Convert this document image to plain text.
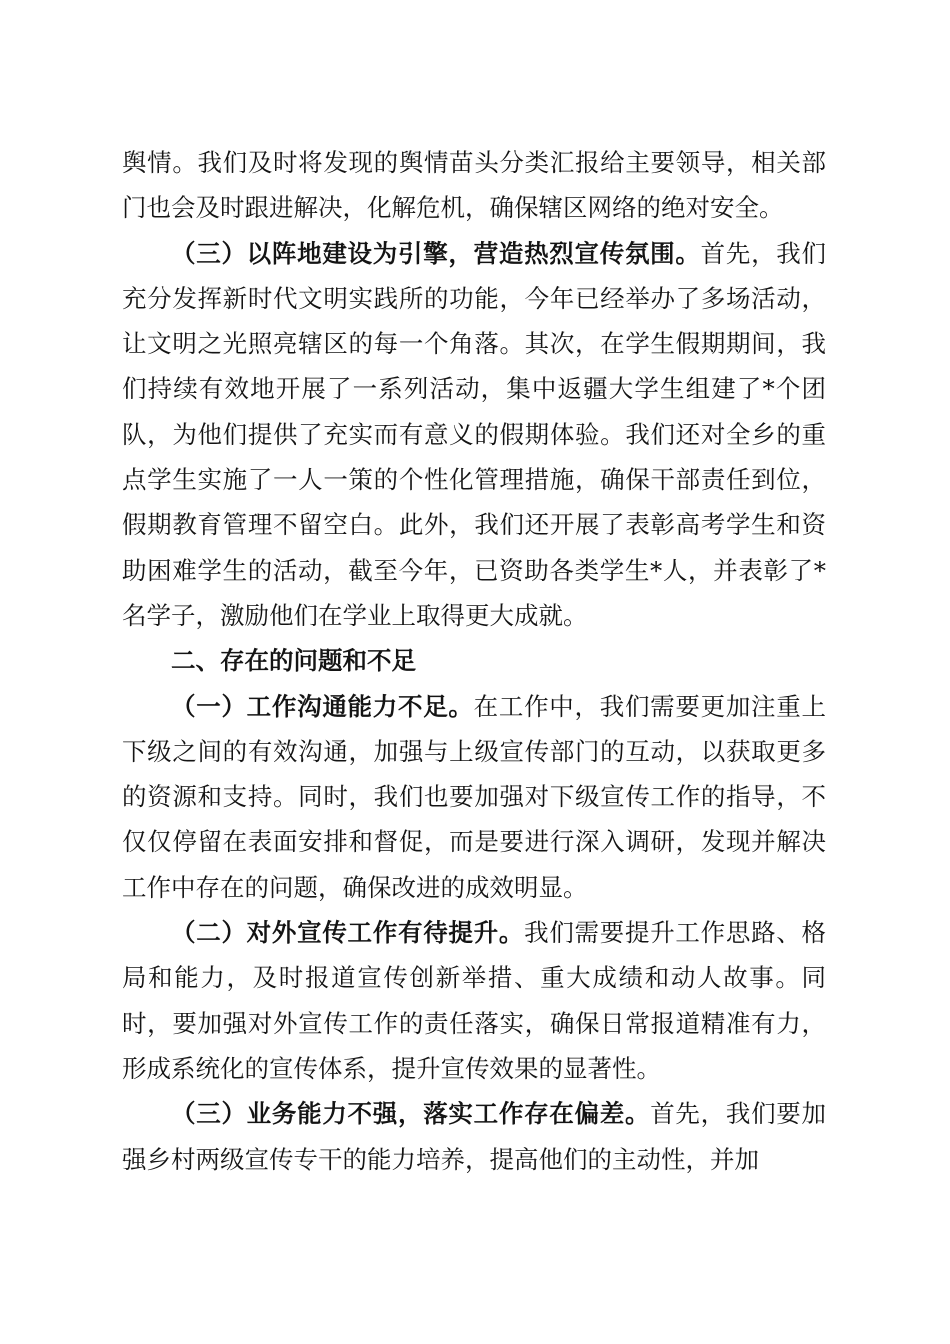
舆情。我们及时将发现的舆情苗头分类汇报给主要领导，相关部门也会及时跟进解决，化解危机，确保辖区网络的绝对安全。

（三）以阵地建设为引擎，营造热烈宣传氛围。首先，我们充分发挥新时代文明实践所的功能，今年已经举办了多场活动，让文明之光照亮辖区的每一个角落。其次，在学生假期期间，我们持续有效地开展了一系列活动，集中返疆大学生组建了*个团队，为他们提供了充实而有意义的假期体验。我们还对全乡的重点学生实施了一人一策的个性化管理措施，确保干部责任到位，假期教育管理不留空白。此外，我们还开展了表彰高考学生和资助困难学生的活动，截至今年，已资助各类学生*人，并表彰了*名学子，激励他们在学业上取得更大成就。

二、存在的问题和不足

（一）工作沟通能力不足。在工作中，我们需要更加注重上下级之间的有效沟通，加强与上级宣传部门的互动，以获取更多的资源和支持。同时，我们也要加强对下级宣传工作的指导，不仅仅停留在表面安排和督促，而是要进行深入调研，发现并解决工作中存在的问题，确保改进的成效明显。

（二）对外宣传工作有待提升。我们需要提升工作思路、格局和能力，及时报道宣传创新举措、重大成绩和动人故事。同时，要加强对外宣传工作的责任落实，确保日常报道精准有力，形成系统化的宣传体系，提升宣传效果的显著性。

（三）业务能力不强，落实工作存在偏差。首先，我们要加强乡村两级宣传专干的能力培养，提高他们的主动性，并加
